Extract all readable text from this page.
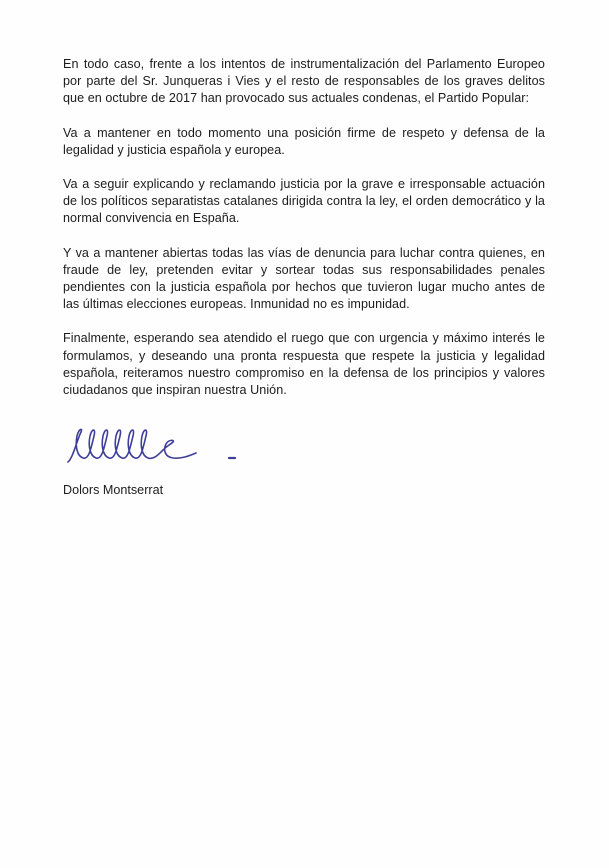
En todo caso, frente a los intentos de instrumentalización del Parlamento Europeo por parte del Sr. Junqueras i Vies y el resto de responsables de los graves delitos que en octubre de 2017 han provocado sus actuales condenas, el Partido Popular:

Va a mantener en todo momento una posición firme de respeto y defensa de la legalidad y justicia española y europea.

Va a seguir explicando y reclamando justicia por la grave e irresponsable actuación de los políticos separatistas catalanes dirigida contra la ley, el orden democrático y la normal convivencia en España.

Y va a mantener abiertas todas las vías de denuncia para luchar contra quienes, en fraude de ley, pretenden evitar y sortear todas sus responsabilidades penales pendientes con la justicia española por hechos que tuvieron lugar mucho antes de las últimas elecciones europeas. Inmunidad no es impunidad.

Finalmente, esperando sea atendido el ruego que con urgencia y máximo interés le formulamos, y deseando una pronta respuesta que respete la justicia y legalidad española, reiteramos nuestro compromiso en la defensa de los principios y valores ciudadanos que inspiran nuestra Unión.

Dolors Montserrat
